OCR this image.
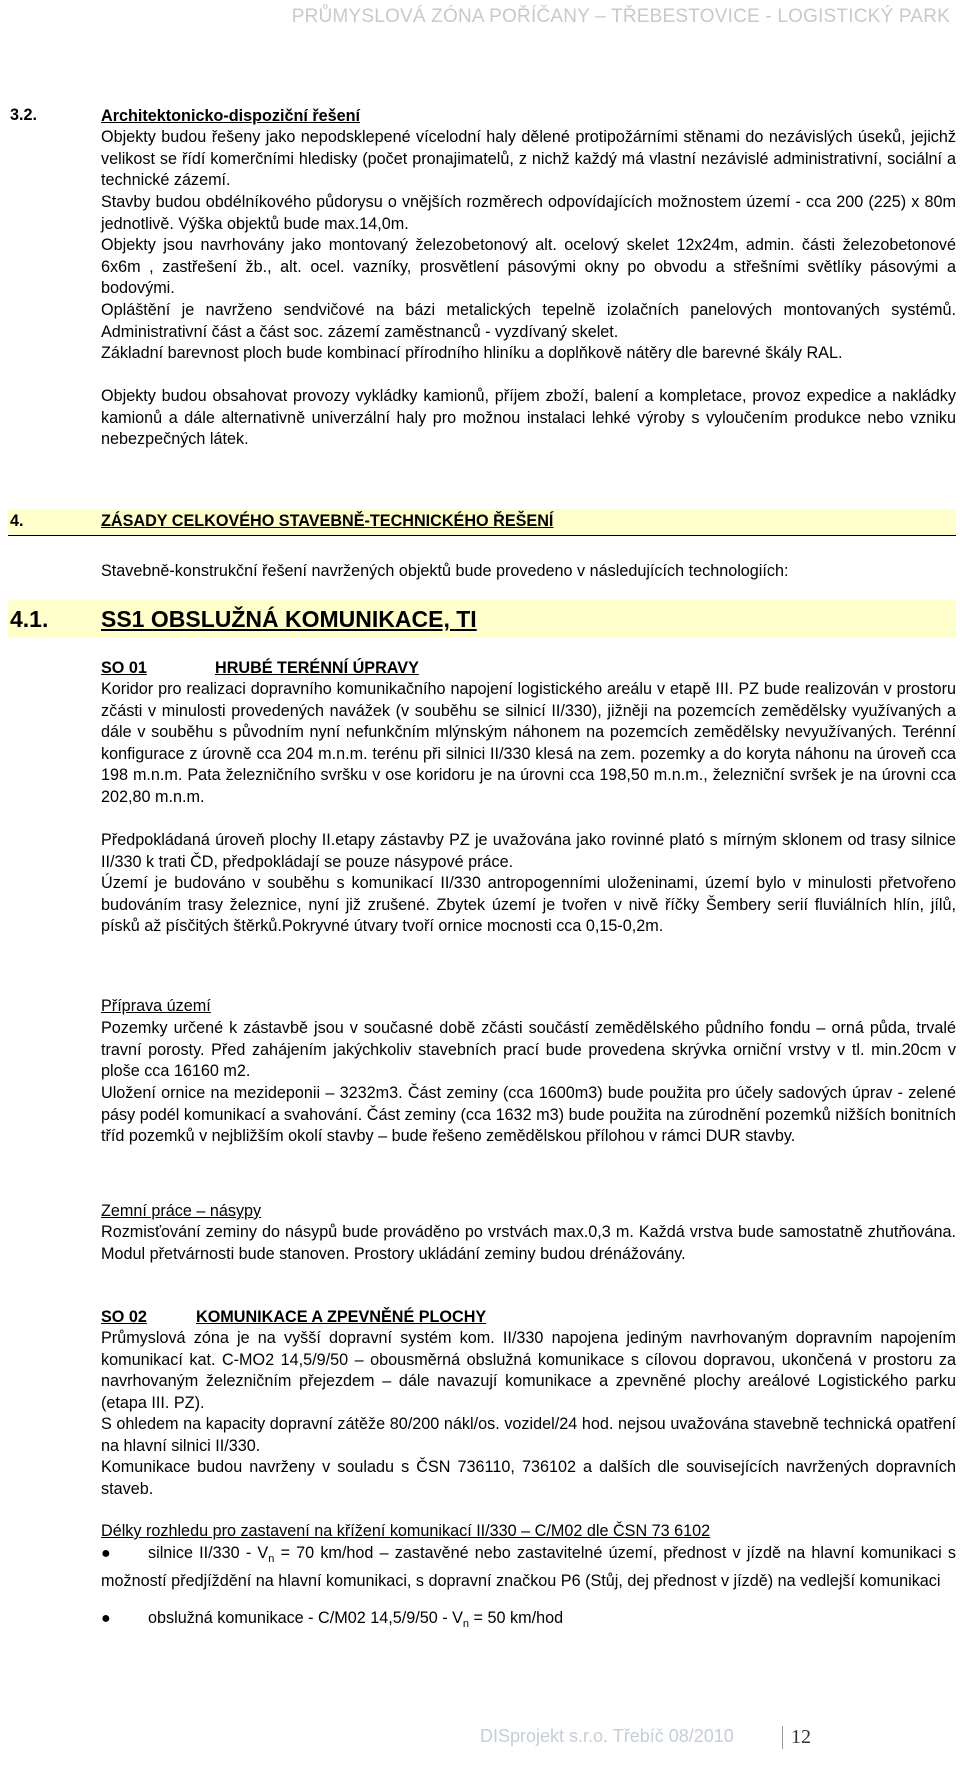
PRŮMYSLOVÁ ZÓNA POŘÍČANY – TŘEBESTOVICE - LOGISTICKÝ PARK
3.2.	Architektonicko-dispoziční řešení
Objekty budou řešeny jako nepodsklepené vícelodní haly dělené protipožárními stěnami do nezávislých úseků, jejichž velikost se řídí komerčními hledisky (počet pronajimatelů, z nichž každý má vlastní nezávislé administrativní, sociální a technické zázemí.
Stavby budou obdélníkového půdorysu o vnějších rozměrech odpovídajících možnostem území - cca 200 (225) x 80m jednotlivě. Výška objektů bude max.14,0m.
Objekty jsou navrhovány jako montovaný železobetonový alt. ocelový skelet 12x24m, admin. části železobetonové 6x6m , zastřešení žb., alt. ocel. vazníky, prosvětlení pásovými okny po obvodu a střešními světlíky pásovými a bodovými.
Opláštění je navrženo sendvičové na bázi metalických tepelně izolačních panelových montovaných systémů. Administrativní část a část soc. zázemí zaměstnanců - vyzdívaný skelet.
Základní barevnost ploch bude kombinací přírodního hliníku a doplňkově nátěry dle barevné škály RAL.
Objekty budou obsahovat provozy vykládky kamionů, příjem zboží, balení a kompletace, provoz expedice a nakládky kamionů a dále alternativně univerzální haly pro možnou instalaci lehké výroby s vyloučením produkce nebo vzniku nebezpečných látek.
4.	ZÁSADY CELKOVÉHO STAVEBNĚ-TECHNICKÉHO ŘEŠENÍ
Stavebně-konstrukční řešení navržených objektů bude provedeno v následujících technologiích:
4.1. SS1 OBSLUŽNÁ KOMUNIKACE, TI
SO 01	HRUBÉ TERÉNNÍ ÚPRAVY
Koridor pro realizaci dopravního komunikačního napojení logistického areálu v etapě III. PZ bude realizován v prostoru zčásti v minulosti provedených navážek (v souběhu se silnicí II/330), jižněji na pozemcích zemědělsky využívaných a dále v souběhu s původním nyní nefunkčním mlýnským náhonem na pozemcích zemědělsky nevyužívaných. Terénní konfigurace z úrovně cca 204 m.n.m. terénu při silnici II/330 klesá na zem. pozemky a do koryta náhonu na úroveň cca 198 m.n.m. Pata železničního svršku v ose koridoru je na úrovni cca 198,50 m.n.m., železniční svršek je na úrovni cca 202,80 m.n.m.
Předpokládaná úroveň plochy II.etapy zástavby PZ je uvažována jako rovinné plató s mírným sklonem od trasy silnice II/330 k trati ČD, předpokládají se pouze násypové práce.
Území je budováno v souběhu s komunikací II/330 antropogenními uloženinami, území bylo v minulosti přetvořeno budováním trasy železnice, nyní již zrušené. Zbytek území je tvořen v nivě říčky Šembery serií fluviálních hlín, jílů, písků až písčitých štěrků.Pokryvné útvary tvoří ornice mocnosti cca 0,15-0,2m.
Příprava území
Pozemky určené k zástavbě jsou v současné době zčásti součástí zemědělského půdního fondu – orná půda, trvalé travní porosty. Před zahájením jakýchkoliv stavebních prací bude provedena skrývka orniční vrstvy v tl. min.20cm v ploše cca 16160 m2.
Uložení ornice na mezideponii – 3232m3. Část zeminy (cca 1600m3) bude použita pro účely sadových úprav - zelené pásy podél komunikací a svahování. Část zeminy (cca 1632 m3) bude použita na zúrodnění pozemků nižších bonitních tříd pozemků v nejbližším okolí stavby – bude řešeno zemědělskou přílohou v rámci DUR stavby.
Zemní práce – násypy
Rozmisťování zeminy do násypů bude prováděno po vrstvách max.0,3 m. Každá vrstva bude samostatně zhutňována. Modul přetvárnosti bude stanoven. Prostory ukládání zeminy budou drénážovány.
SO 02	KOMUNIKACE A ZPEVNĚNÉ PLOCHY
Průmyslová zóna je na vyšší dopravní systém kom. II/330 napojena jediným navrhovaným dopravním napojením komunikací kat. C-MO2 14,5/9/50 – obousměrná obslužná komunikace s cílovou dopravou, ukončená v prostoru za navrhovaným železničním přejezdem – dále navazují komunikace a zpevněné plochy areálové Logistického parku (etapa III. PZ).
S ohledem na kapacity dopravní zátěže 80/200 nákl/os. vozidel/24 hod. nejsou uvažována stavebně technická opatření na hlavní silnici II/330.
Komunikace budou navrženy v souladu s ČSN 736110, 736102 a dalších dle souvisejících navržených dopravních staveb.
Délky rozhledu pro zastavení na křížení komunikací II/330 – C/M02 dle ČSN 73 6102
● silnice $II/330 - V_n = 70$ km/hod – zastavěné nebo zastavitelné území, přednost v jízdě na hlavní komunikaci s možností předjíždění na hlavní komunikaci, s dopravní značkou P6 (Stůj, dej přednost v jízdě) na vedlejší komunikaci
● obslužná komunikace - C/M02 $14,5/9/50 - V_n = 50$ km/hod
DISprojekt s.r.o. Třebíč 08/2010	12
